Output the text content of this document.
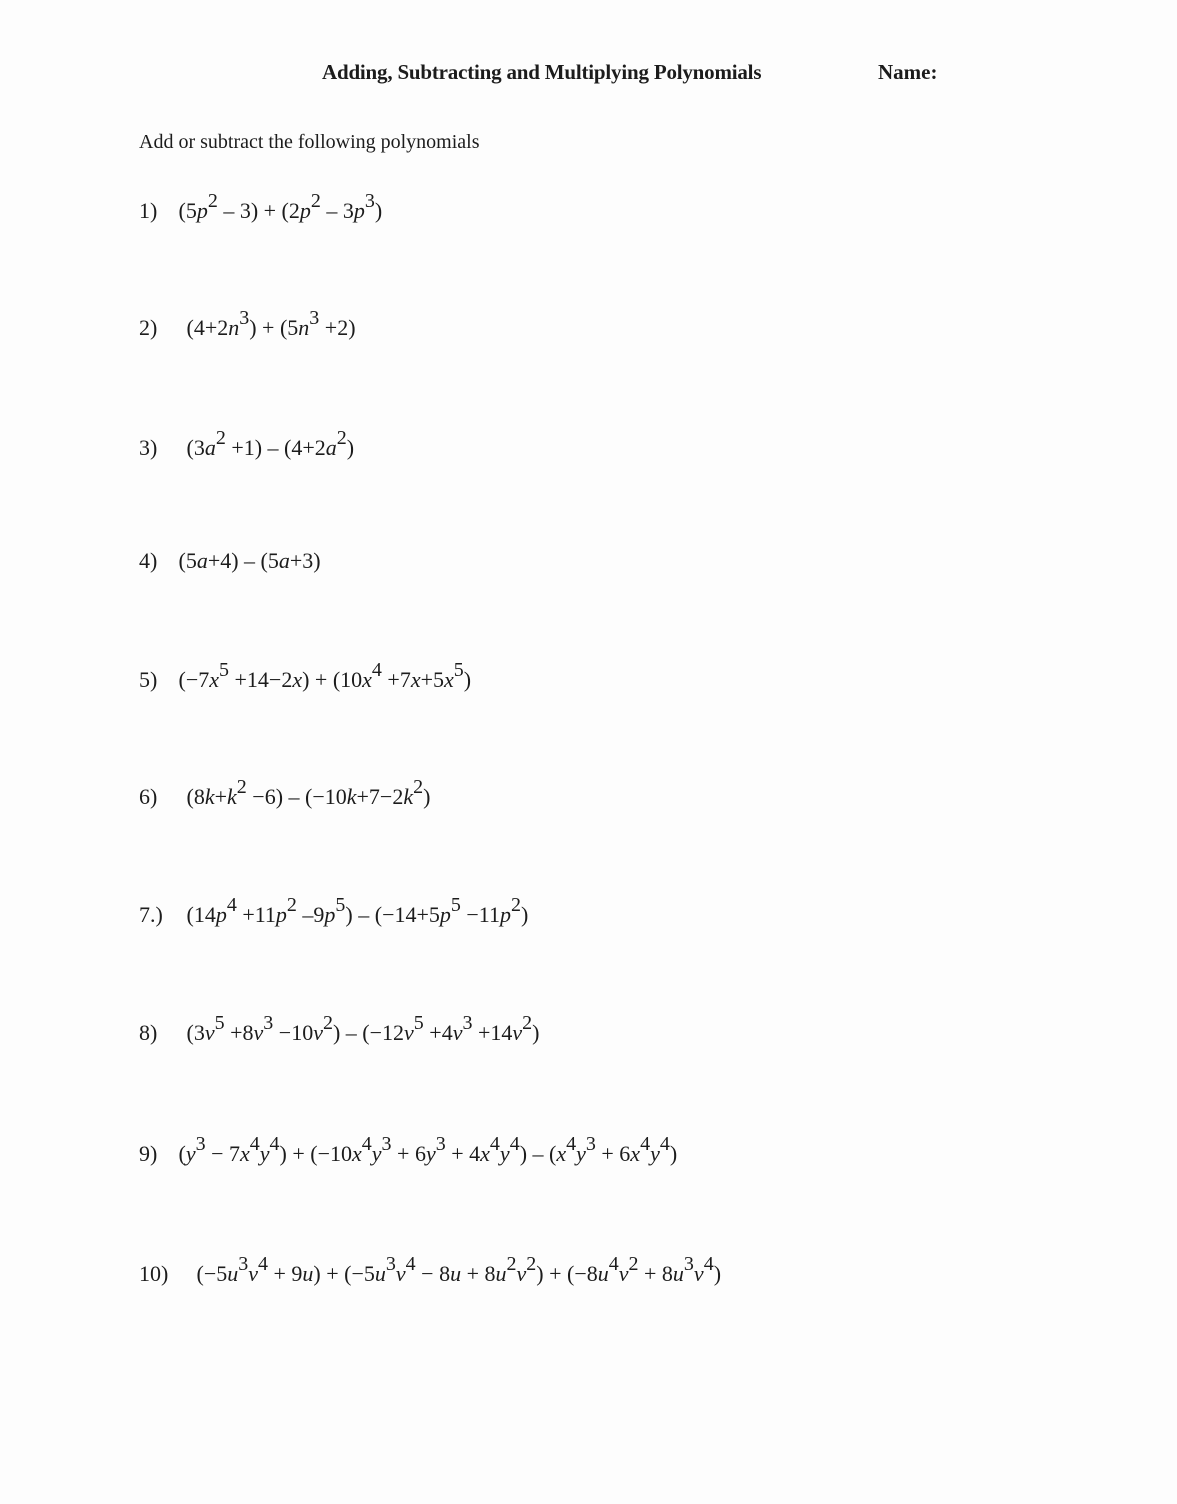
Adding, Subtracting and Multiplying Polynomials	Name:
Add or subtract the following polynomials
1) (5p2 – 3) + (2p2 – 3p3)
2) (4+2n3) + (5n3 +2)
3) (3a2 +1) – (4+2a2)
4) (5a+4) – (5a+3)
5) (−7x5 +14−2x) + (10x4 +7x+5x5)
6) (8k+k2 −6) – (−10k+7−2k2)
7.) (14p4 +11p2 –9p5) – (−14+5p5 −11p2)
8) (3v5 +8v3 −10v2) – (−12v5 +4v3 +14v2)
9) (y3 − 7x4y4) + (−10x4y3 + 6y3 + 4x4y4) – (x4y3 + 6x4y4)
10) (−5u3v4 + 9u) + (−5u3v4 − 8u + 8u2v2) + (−8u4v2 + 8u3v4)
